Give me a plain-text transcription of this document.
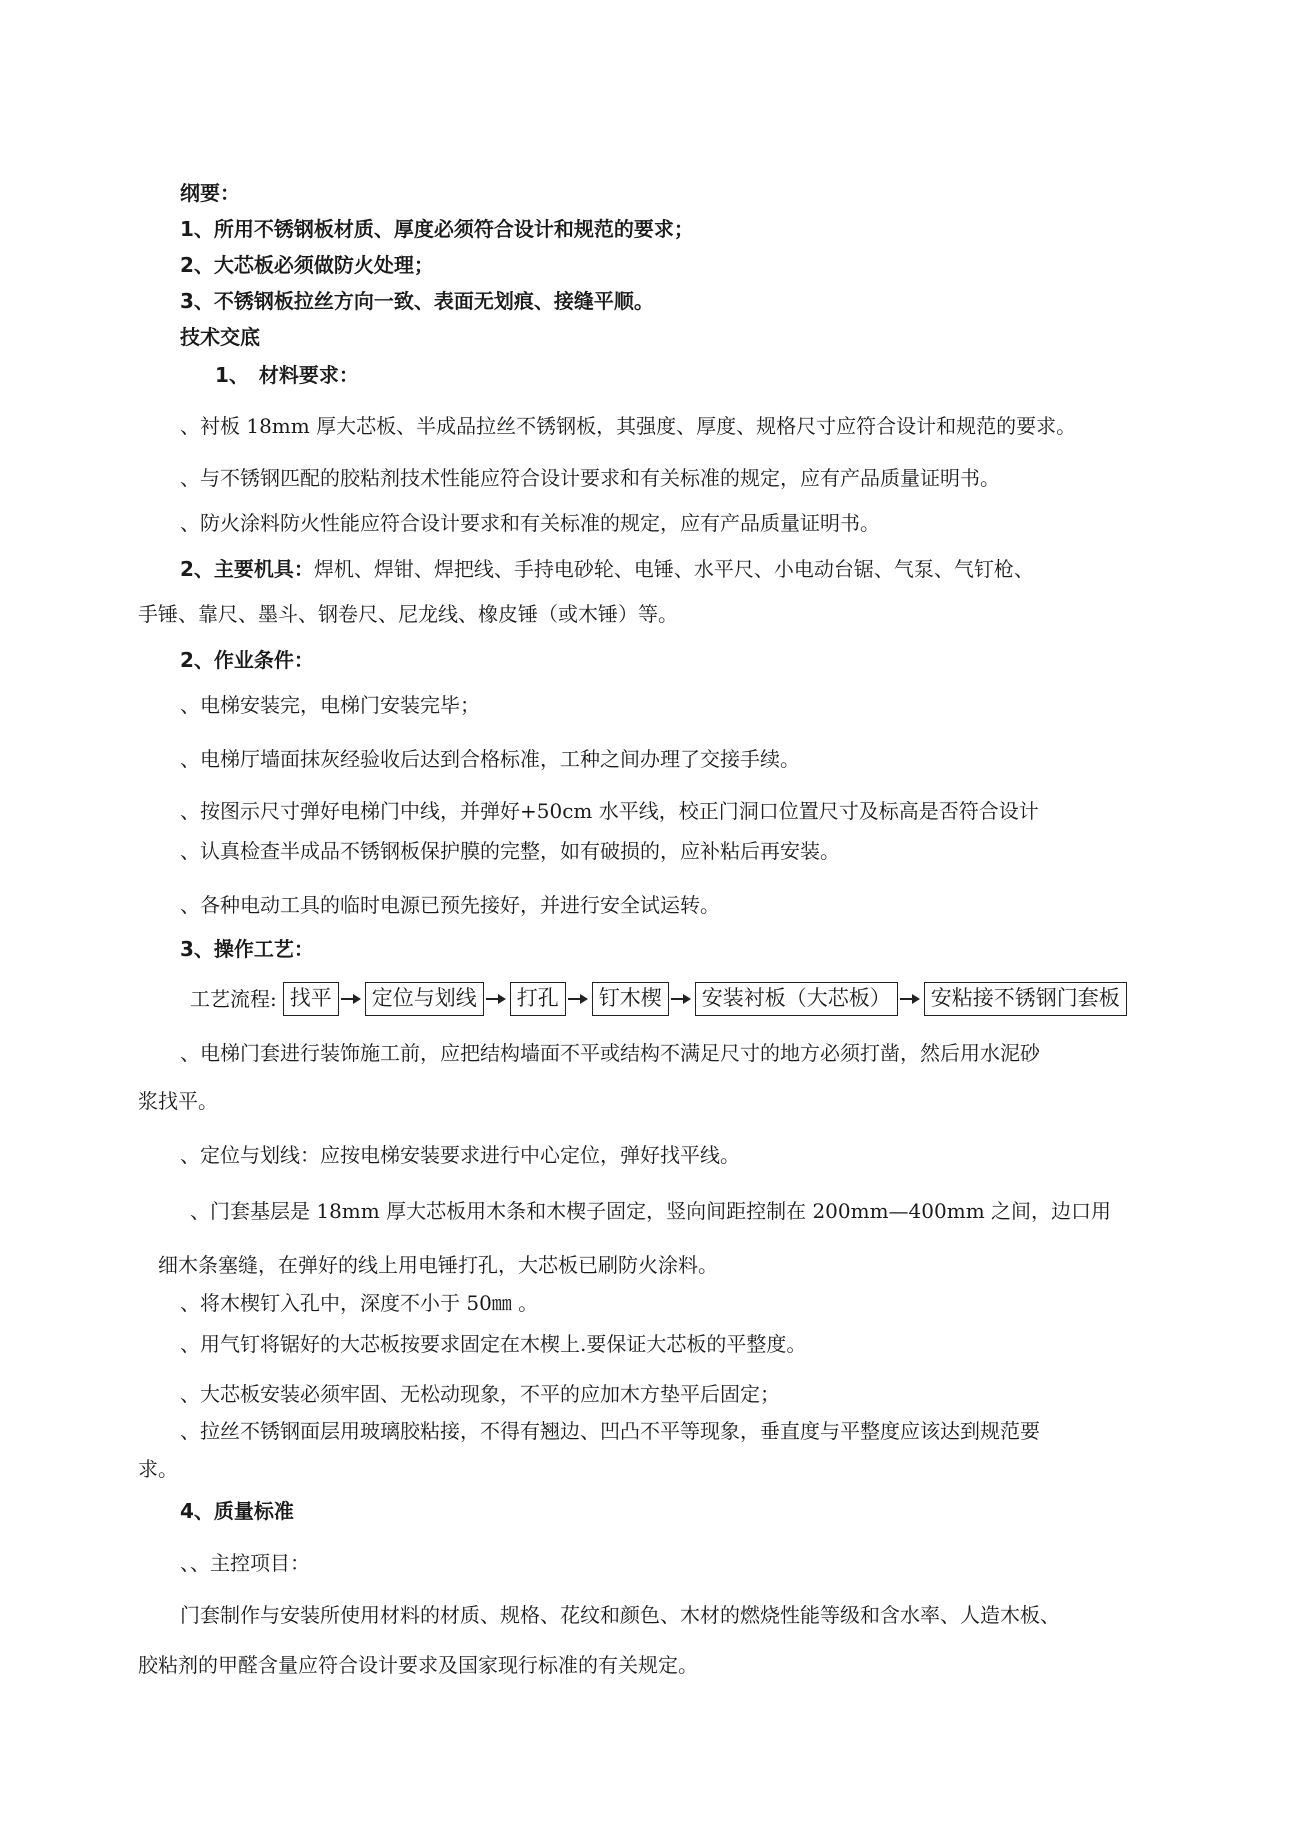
纲要：
1、所用不锈钢板材质、厚度必须符合设计和规范的要求；
2、大芯板必须做防火处理；
3、不锈钢板拉丝方向一致、表面无划痕、接缝平顺。
技术交底
1、　材料要求：
、衬板 18mm 厚大芯板、半成品拉丝不锈钢板，其强度、厚度、规格尺寸应符合设计和规范的要求。
、与不锈钢匹配的胶粘剂技术性能应符合设计要求和有关标准的规定，应有产品质量证明书。
、防火涂料防火性能应符合设计要求和有关标准的规定，应有产品质量证明书。
2、主要机具：焊机、焊钳、焊把线、手持电砂轮、电锤、水平尺、小电动台锯、气泵、气钉枪、
手锤、靠尺、墨斗、钢卷尺、尼龙线、橡皮锤（或木锤）等。
2、作业条件：
、电梯安装完，电梯门安装完毕；
、电梯厅墙面抹灰经验收后达到合格标准，工种之间办理了交接手续。
、按图示尺寸弹好电梯门中线，并弹好+50cm 水平线，校正门洞口位置尺寸及标高是否符合设计
、认真检查半成品不锈钢板保护膜的完整，如有破损的，应补粘后再安装。
、各种电动工具的临时电源已预先接好，并进行安全试运转。
3、操作工艺：
工艺流程: 找平	定位与划线	打孔	钉木楔	安装衬板（大芯板）	安粘接不锈钢门套板
、电梯门套进行装饰施工前，应把结构墙面不平或结构不满足尺寸的地方必须打凿，然后用水泥砂
浆找平。
、定位与划线：应按电梯安装要求进行中心定位，弹好找平线。
、门套基层是 18mm 厚大芯板用木条和木楔子固定，竖向间距控制在 200mm—400mm 之间，边口用
细木条塞缝，在弹好的线上用电锤打孔，大芯板已刷防火涂料。
、将木楔钉入孔中，深度不小于 50㎜ 。
、用气钉将锯好的大芯板按要求固定在木楔上.要保证大芯板的平整度。
、大芯板安装必须牢固、无松动现象，不平的应加木方垫平后固定；
、拉丝不锈钢面层用玻璃胶粘接，不得有翘边、凹凸不平等现象，垂直度与平整度应该达到规范要
求。
4、质量标准
、、主控项目：
门套制作与安装所使用材料的材质、规格、花纹和颜色、木材的燃烧性能等级和含水率、人造木板、
胶粘剂的甲醛含量应符合设计要求及国家现行标准的有关规定。
